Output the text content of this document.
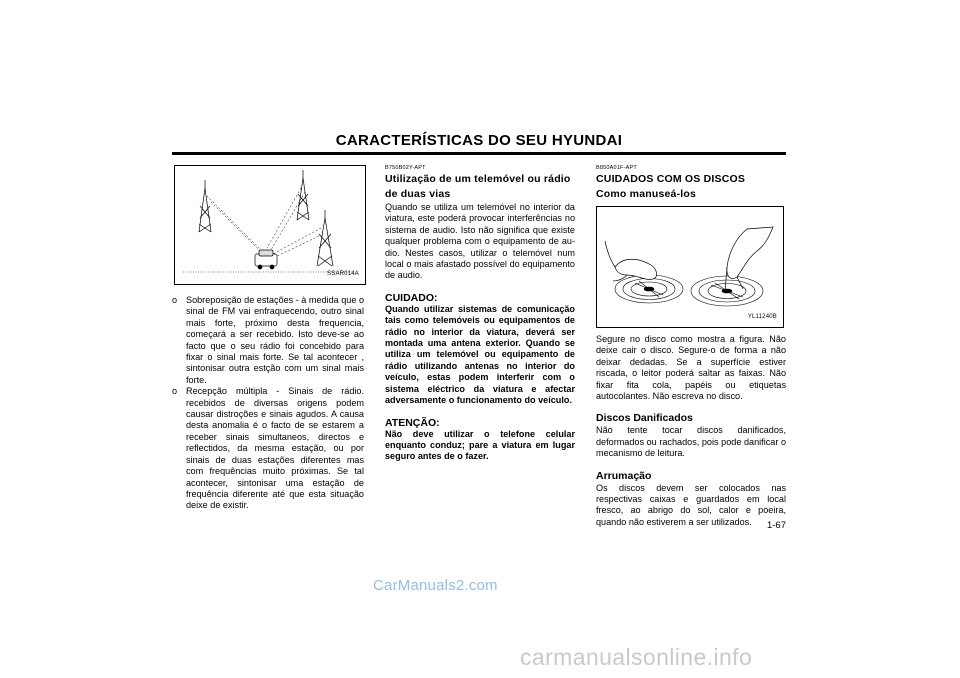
CARACTERÍSTICAS DO SEU HYUNDAI
SSAR014A
o Sobreposição de estações - à medida que o sinal de FM vai enfraquecendo, outro sinal mais forte, próximo desta frequencia, começará a ser recebido. Isto deve-se ao facto que o seu rádio foi concebido para fixar o sinal mais forte. Se tal acontecer , sintonisar outra estção com um sinal mais forte.
o Recepção múltipla - Sinais de rádio. recebidos de diversas origens podem causar distroções e sinais agudos. A causa desta anomalia é o facto de se estarem a receber sinais simultaneos, directos e reflectidos, da mesma estação, ou por sinais de duas estações diferentes mas com frequências muito próximas. Se tal acontecer, sintonisar uma estação de frequência diferente até que esta situação deixe de existir.
B750B02Y-APT
Utilização de um telemóvel ou rádio de duas vias
Quando se utiliza um telemóvel no interior da viatura, este poderá provocar interferências no sistema de audio. Isto não significa que existe qualquer problema com o equipamento de au-dio. Nestes casos, utilizar o telemóvel num local o mais afastado possível do equipamento de audio.
CUIDADO:
Quando utilizar sistemas de comunicação tais como telemóveis ou equipamentos de rádio no interior da viatura, deverá ser montada uma antena exterior. Quando se utiliza um telemóvel ou equipamento de rádio utilizando antenas no interior do veículo, estas podem interferir com o sistema eléctrico da viatura e afectar adversamente o funcionamento do veículo.
ATENÇÃO:
Não deve utilizar o telefone celular enquanto conduz; pare a viatura em lugar seguro antes de o fazer.
B850A01F-APT
CUIDADOS COM OS DISCOS
Como manuseá-los
YL11240B
Segure no disco como mostra a figura. Não deixe cair o disco. Segure-o de forma a não deixar dedadas. Se a superfície estiver riscada, o leitor poderá saltar as faixas. Não fixar fita cola, papéis ou etiquetas autocolantes. Não escreva no disco.
Discos Danificados
Não tente tocar discos danificados, deformados ou rachados, pois pode danificar o mecanismo de leitura.
Arrumação
Os discos devem ser colocados nas respectivas caixas e guardados em local fresco, ao abrigo do sol, calor e poeira, quando não estiverem a ser utilizados.	1-67
CarManuals2.com
carmanualsonline.info
